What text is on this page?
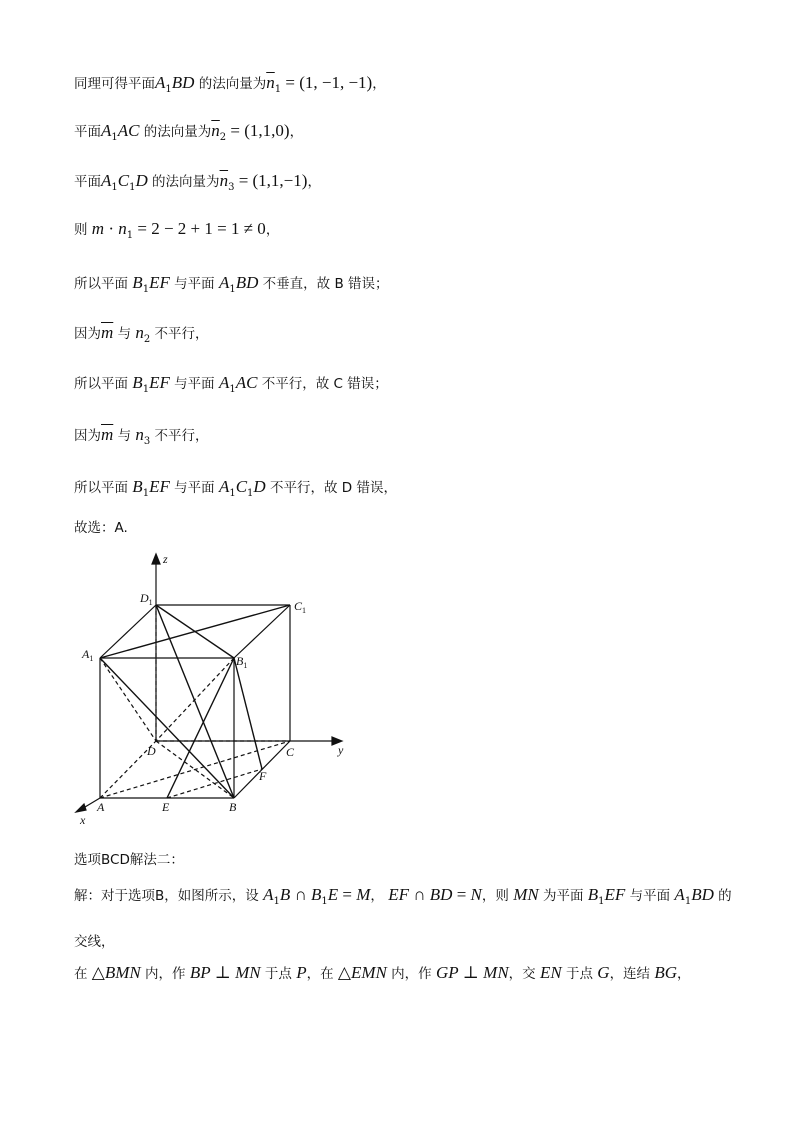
同理可得平面$A_1BD$ 的法向量为$\overline{n}_1 = (1$, −1, −1)，
平面$A_1AC$ 的法向量为$\overline{n}_2 = (1,1,0)$，
平面$A_1C_1D$ 的法向量为$\overline{n}_3 = (1,1,-1)$，
则 $m \cdot n_1 = 2 - 2 + 1 = 1 \ne 0$，
所以平面 $B_1EF$ 与平面 $A_1BD$ 不垂直，故 B 错误；
因为$\overline{m}$ 与 $n_2$ 不平行，
所以平面 $B_1EF$ 与平面 $A_1AC$ 不平行，故 C 错误；
因为$\overline{m}$ 与 $n_3$ 不平行，
所以平面 $B_1EF$ 与平面 $A_1C_1D$ 不平行，故 D 错误，
故选：A.
选项BCD解法二：
解：对于选项B，如图所示，设 $A_1B$ ∩ $B_1E = M$， EF ∩ BD = N，则 MN 为平面 $B_1EF$ 与平面 $A_1BD$ 的
交线，
在 △BMN 内，作 BP ⊥ MN 于点 P，在 △EMN 内，作 GP ⊥ MN，交 EN 于点 G，连结 BG，
z
$D_1$	$C_1$
$A_1$	$B_1$
D	C	y
F
A	E	B
x
